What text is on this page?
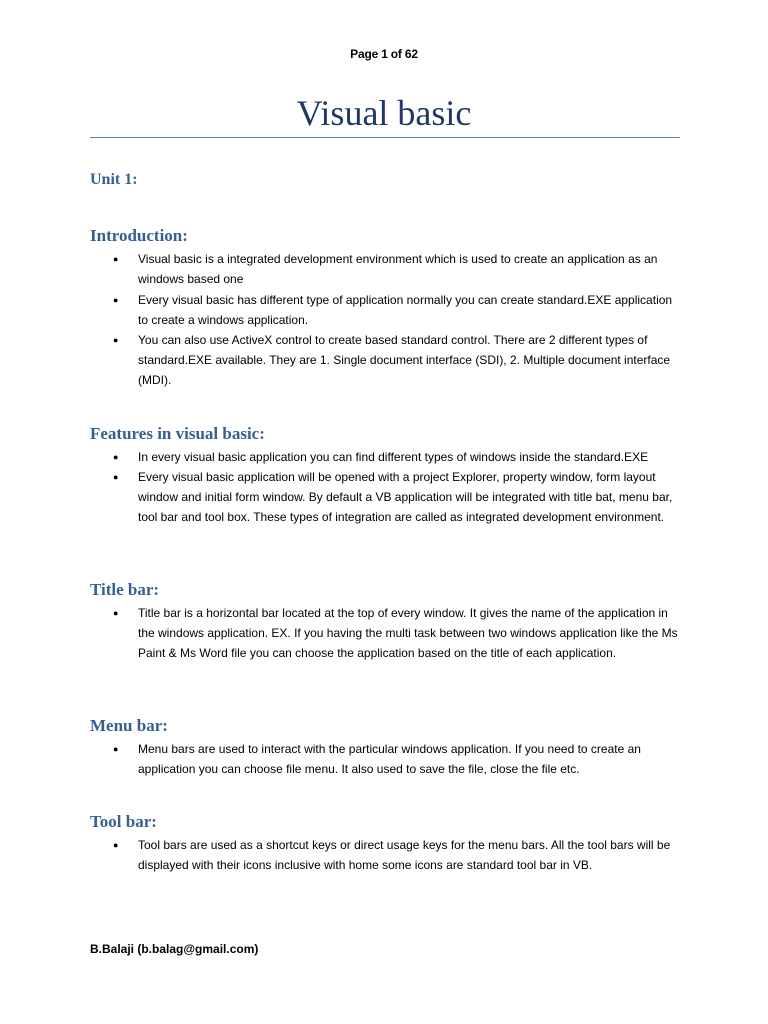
Page 1 of 62
Visual basic
Unit 1:
Introduction:
● Visual basic is a integrated development environment which is used to create an application as an windows based one

● Every visual basic has different type of application normally you can create standard.EXE application to create a windows application.

● You can also use ActiveX control to create based standard control. There are 2 different types of standard.EXE available. They are 1. Single document interface (SDI), 2. Multiple document interface (MDI).

Features in visual basic:
● In every visual basic application you can find different types of windows inside the standard.EXE

● Every visual basic application will be opened with a project Explorer, property window, form layout window and initial form window. By default a VB application will be integrated with title bat, menu bar, tool bar and tool box. These types of integration are called as integrated development environment.

Title bar:
● Title bar is a horizontal bar located at the top of every window. It gives the name of the application in the windows application. EX. If you having the multi task between two windows application like the Ms Paint & Ms Word file you can choose the application based on the title of each application.

Menu bar:
● Menu bars are used to interact with the particular windows application. If you need to create an application you can choose file menu. It also used to save the file, close the file etc.

Tool bar:
● Tool bars are used as a shortcut keys or direct usage keys for the menu bars. All the tool bars will be displayed with their icons inclusive with home some icons are standard tool bar in VB.

B.Balaji (b.balag@gmail.com)
